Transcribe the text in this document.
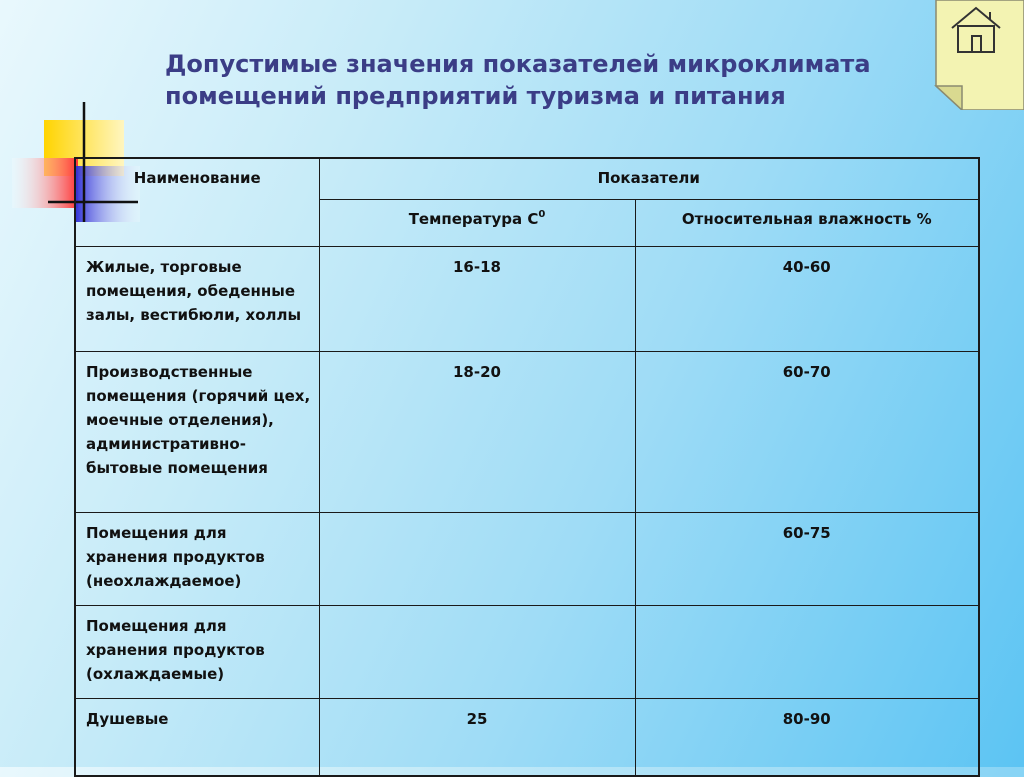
Допустимые значения показателей микроклимата
помещений предприятий туризма и питания
Наименование	Показатели	
	Температура $С^0$	Относительная влажность %
Жилые, торговые помещения, обеденные залы, вестибюли, холлы	16-18	40-60
Производственные помещения (горячий цех, моечные отделения), административно-бытовые помещения	18-20	60-70
Помещения для хранения продуктов (неохлаждаемое)		60-75
Помещения для хранения продуктов (охлаждаемые)		
Душевые	25	80-90
